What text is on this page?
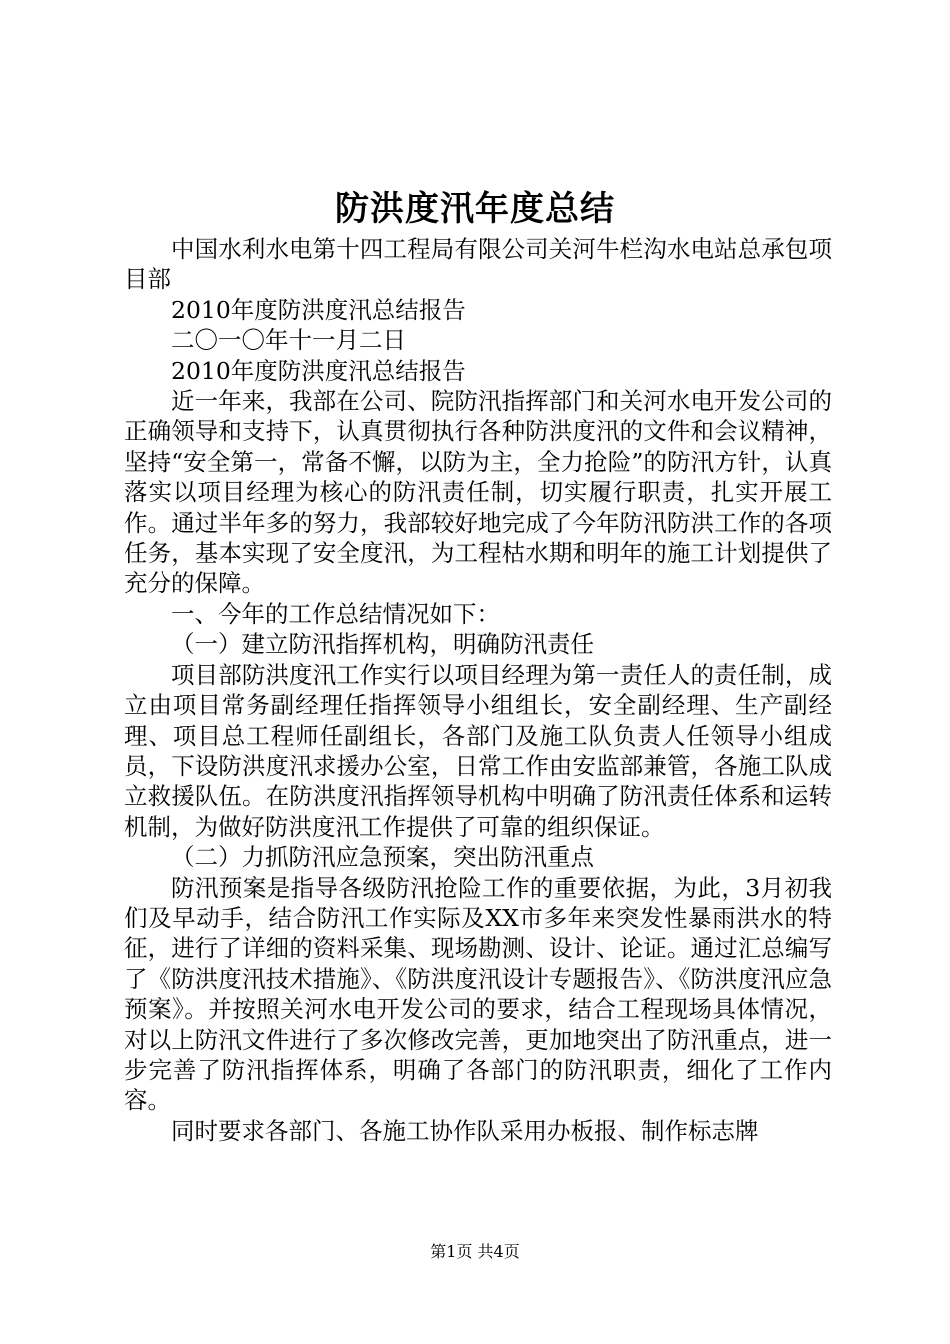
防洪度汛年度总结

中国水利水电第十四工程局有限公司关河牛栏沟水电站总承包项目部

2010年度防洪度汛总结报告

二〇一〇年十一月二日

2010年度防洪度汛总结报告

近一年来，我部在公司、院防汛指挥部门和关河水电开发公司的正确领导和支持下，认真贯彻执行各种防洪度汛的文件和会议精神，坚持“安全第一，常备不懈，以防为主，全力抢险”的防汛方针，认真落实以项目经理为核心的防汛责任制，切实履行职责，扎实开展工作。通过半年多的努力，我部较好地完成了今年防汛防洪工作的各项任务，基本实现了安全度汛，为工程枯水期和明年的施工计划提供了充分的保障。

一、今年的工作总结情况如下：

（一）建立防汛指挥机构，明确防汛责任

项目部防洪度汛工作实行以项目经理为第一责任人的责任制，成立由项目常务副经理任指挥领导小组组长，安全副经理、生产副经理、项目总工程师任副组长，各部门及施工队负责人任领导小组成员，下设防洪度汛求援办公室，日常工作由安监部兼管，各施工队成立救援队伍。在防洪度汛指挥领导机构中明确了防汛责任体系和运转机制，为做好防洪度汛工作提供了可靠的组织保证。

（二）力抓防汛应急预案，突出防汛重点

防汛预案是指导各级防汛抢险工作的重要依据，为此，3月初我们及早动手，结合防汛工作实际及XX市多年来突发性暴雨洪水的特征，进行了详细的资料采集、现场勘测、设计、论证。通过汇总编写了《防洪度汛技术措施》、《防洪度汛设计专题报告》、《防洪度汛应急预案》。并按照关河水电开发公司的要求，结合工程现场具体情况，对以上防汛文件进行了多次修改完善，更加地突出了防汛重点，进一步完善了防汛指挥体系，明确了各部门的防汛职责，细化了工作内容。

同时要求各部门、各施工协作队采用办板报、制作标志牌

第1页 共4页
